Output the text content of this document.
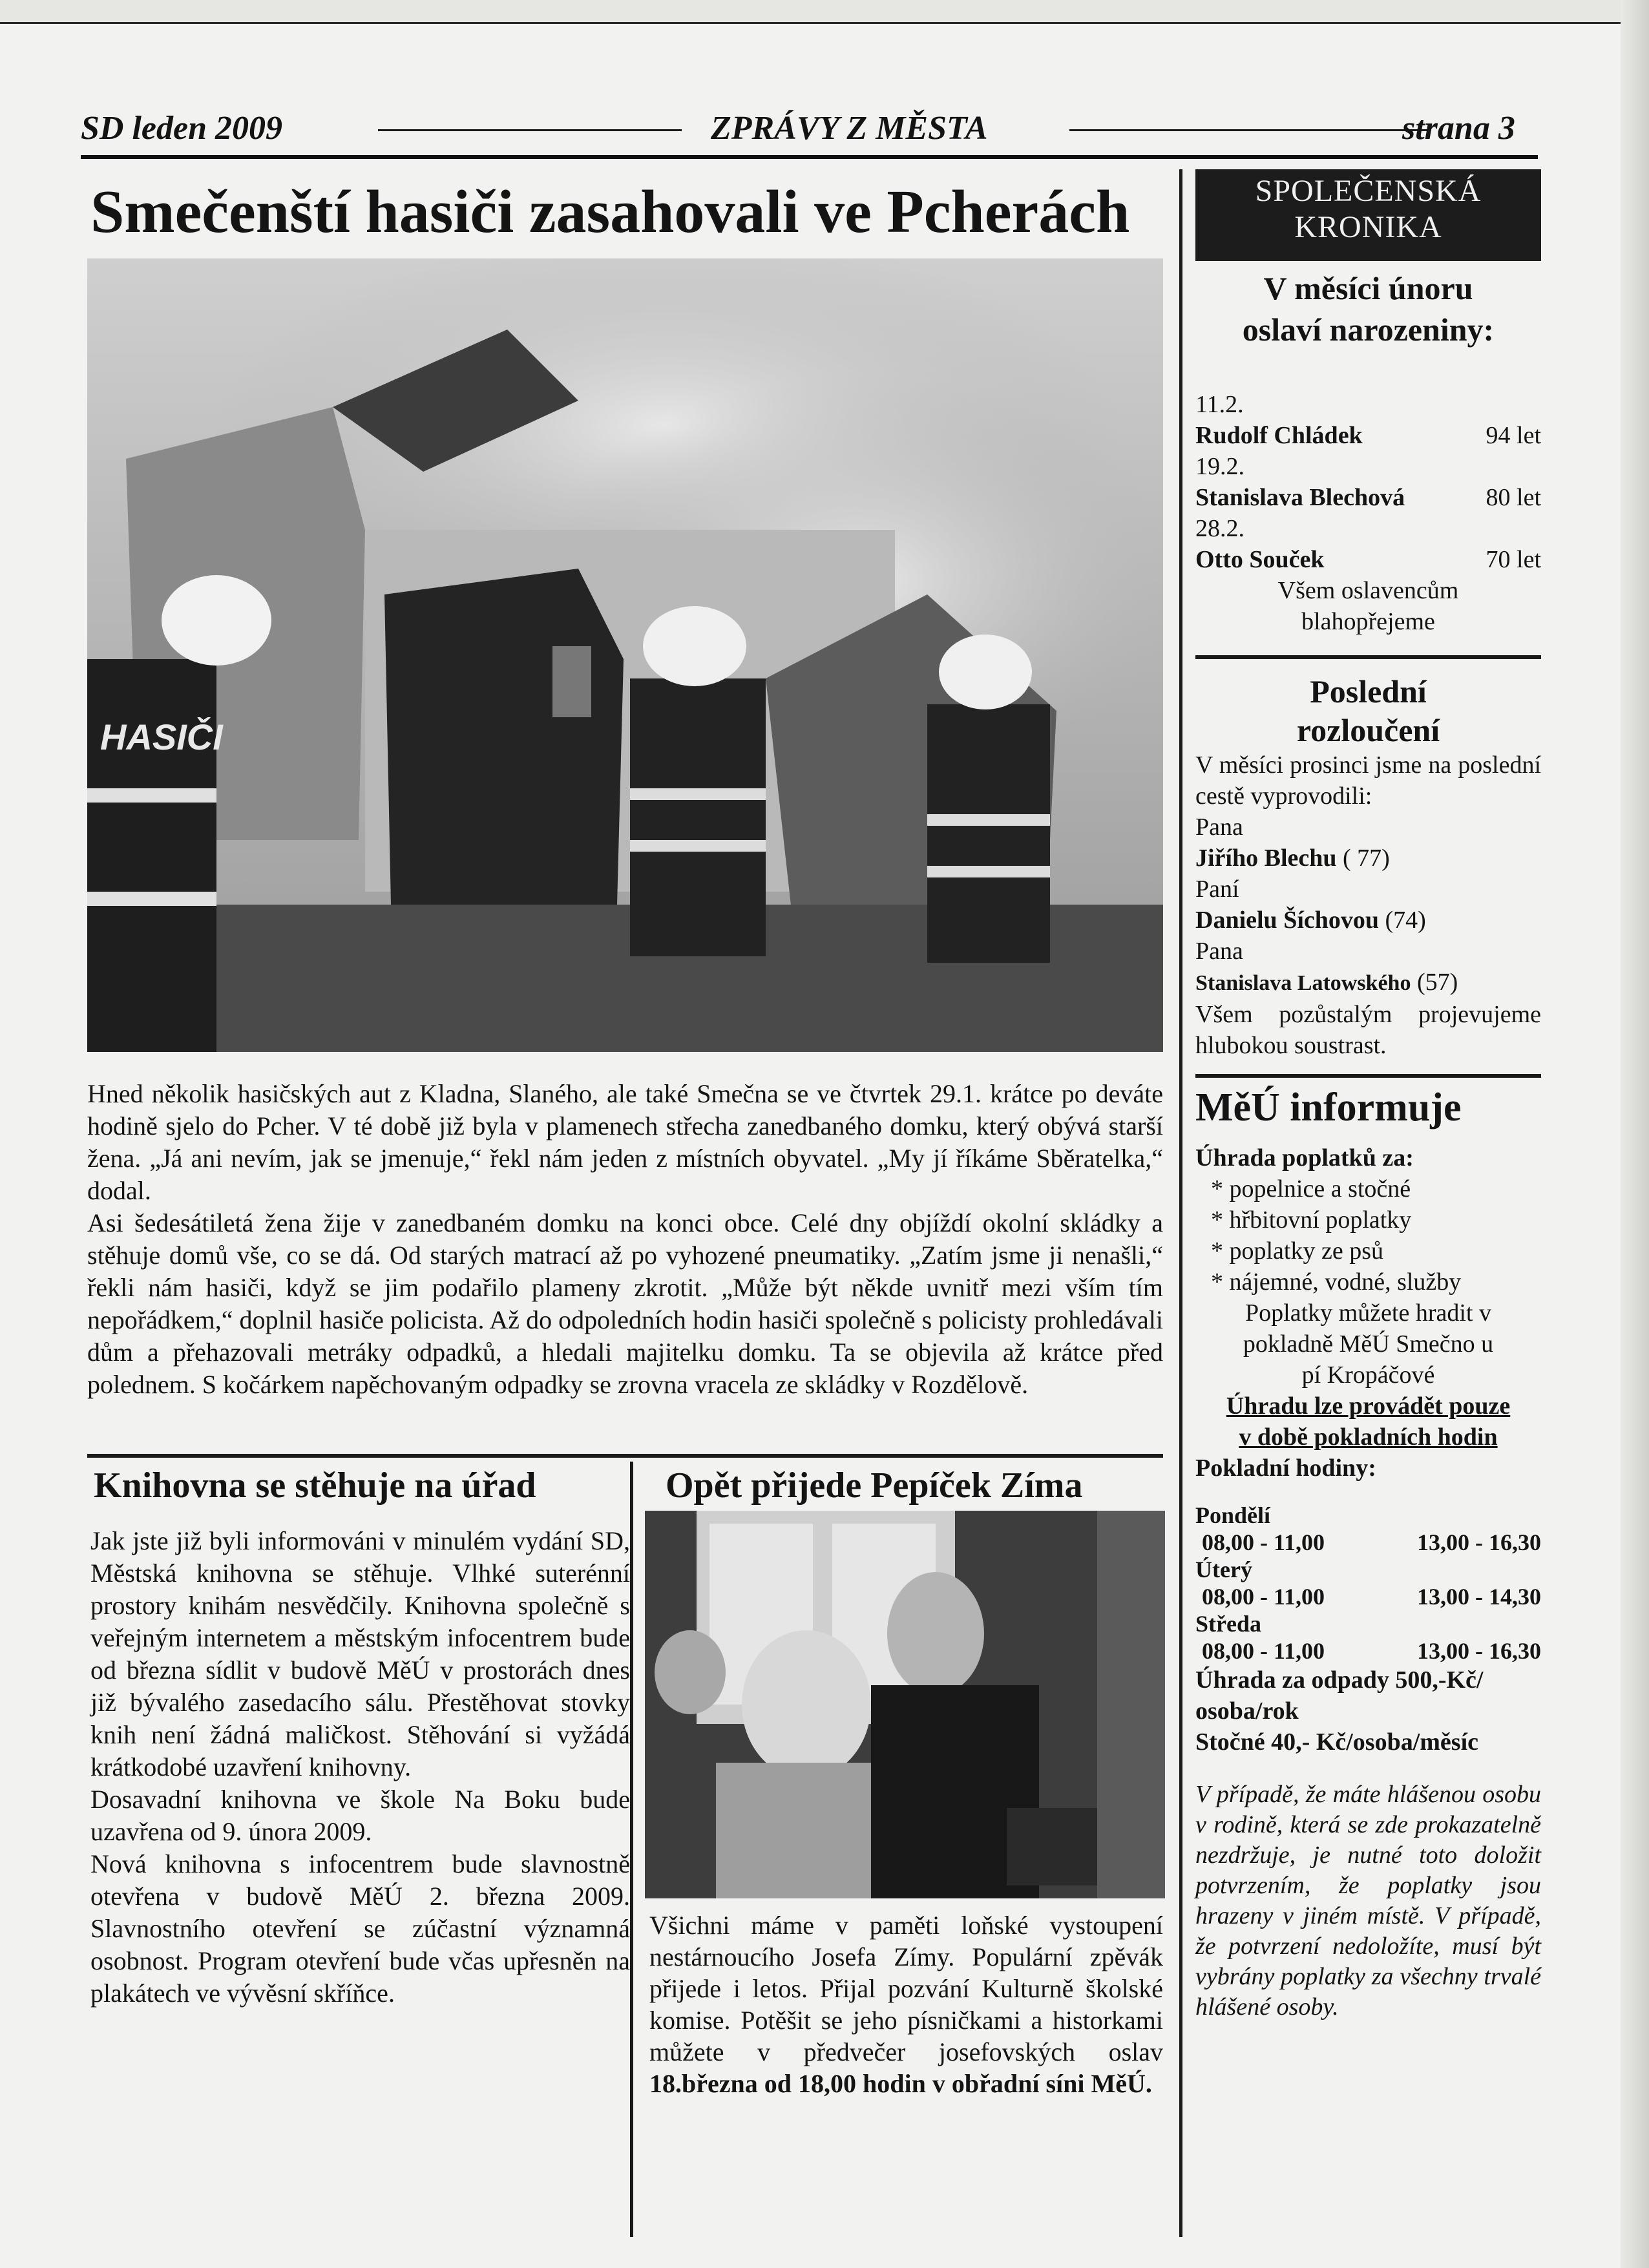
SD leden 2009	ZPRÁVY Z MĚSTA	strana 3
Smečenští hasiči zasahovali ve Pcherách
HASIČI

Hned několik hasičských aut z Kladna, Slaného, ale také Smečna se ve čtvrtek 29.1. krátce po deváte hodině sjelo do Pcher. V té době již byla v plamenech střecha zanedbaného domku, který obývá starší žena. „Já ani nevím, jak se jmenuje,“ řekl nám jeden z místních obyvatel. „My jí říkáme Sběratelka,“ dodal.

Asi šedesátiletá žena žije v zanedbaném domku na konci obce. Celé dny objíždí okolní skládky a stěhuje domů vše, co se dá. Od starých matrací až po vyhozené pneumatiky. „Zatím jsme ji nenašli,“ řekli nám hasiči, když se jim podařilo plameny zkrotit. „Může být někde uvnitř mezi vším tím nepořádkem,“ doplnil hasiče policista. Až do odpoledních hodin hasiči společně s policisty prohledávali dům a přehazovali metráky odpadků, a hledali majitelku domku. Ta se objevila až krátce před polednem. S kočárkem napěchovaným odpadky se zrovna vracela ze skládky v Rozdělově.

Knihovna se stěhuje na úřad

Jak jste již byli informováni v minulém vydání SD, Městská knihovna se stěhuje. Vlhké suterénní prostory knihám nesvědčily. Knihovna společně s veřejným internetem a městským infocentrem bude od března sídlit v budově MěÚ v prostorách dnes již bývalého zasedacího sálu. Přestěhovat stovky knih není žádná maličkost. Stěhování si vyžádá krátkodobé uzavření knihovny.

Dosavadní knihovna ve škole Na Boku bude uzavřena od 9. února 2009.

Nová knihovna s infocentrem bude slavnostně otevřena v budově MěÚ 2. března 2009. Slavnostního otevření se zúčastní významná osobnost. Program otevření bude včas upřesněn na plakátech ve vývěsní skříňce.

Opět přijede Pepíček Zíma

Všichni máme v paměti loňské vystoupení nestárnoucího Josefa Zímy. Populární zpěvák přijede i letos. Přijal pozvání Kulturně školské komise. Potěšit se jeho písničkami a historkami můžete v předvečer josefovských oslav 18.března od 18,00 hodin v obřadní síni MěÚ.

SPOLEČENSKÁ
KRONIKA
V měsíci únoru
oslaví narozeniny:
11.2.
Rudolf Chládek	94 let
19.2.
Stanislava Blechová	80 let
28.2.
Otto Souček	70 let
Všem oslavencům
blahopřejeme
Poslední
rozloučení
V měsíci prosinci jsme na poslední cestě vyprovodili:
Pana
Jiřího Blechu ( 77)
Paní
Danielu Šíchovou (74)
Pana
Stanislava Latowského (57)
Všem pozůstalým projevujeme hlubokou soustrast.
MěÚ informuje
Úhrada poplatků za:
* popelnice a stočné
* hřbitovní poplatky
* poplatky ze psů
* nájemné, vodné, služby
Poplatky můžete hradit v
pokladně MěÚ Smečno u
pí Kropáčové
Úhradu lze provádět pouze
v době pokladních hodin
Pokladní hodiny:
Pondělí
08,00 - 11,00	13,00 - 16,30
Úterý
08,00 - 11,00	13,00 - 14,30
Středa
08,00 - 11,00	13,00 - 16,30
Úhrada za odpady 500,-Kč/
osoba/rok
Stočné 40,- Kč/osoba/měsíc
V případě, že máte hlášenou osobu v rodině, která se zde prokazatelně nezdržuje, je nutné toto doložit potvrzením, že poplatky jsou hrazeny v jiném místě. V případě, že potvrzení nedoložíte, musí být vybrány poplatky za všechny trvalé hlášené osoby.
